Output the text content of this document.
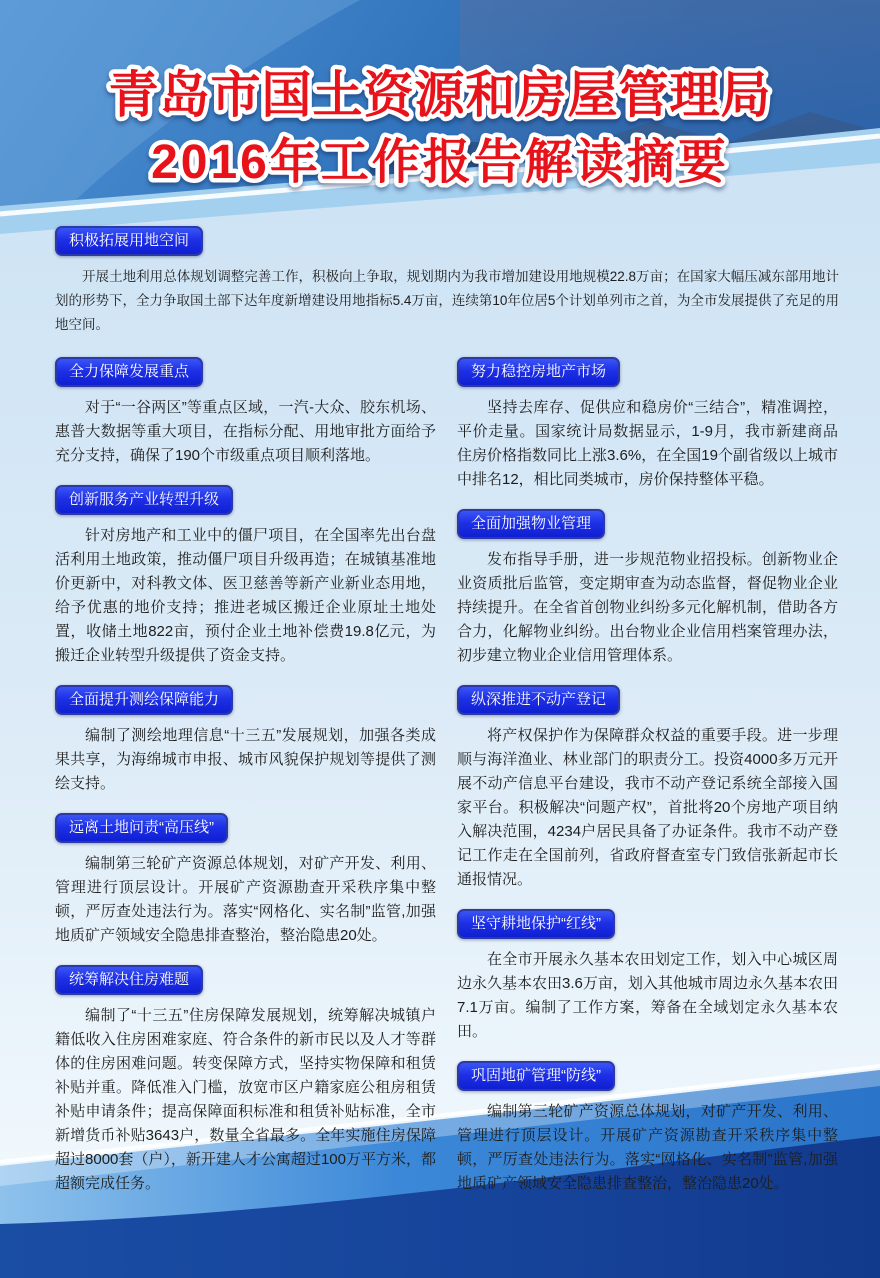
青岛市国土资源和房屋管理局
2016年工作报告解读摘要
积极拓展用地空间

开展土地利用总体规划调整完善工作，积极向上争取，规划期内为我市增加建设用地规模22.8万亩；在国家大幅压减东部用地计划的形势下，全力争取国土部下达年度新增建设用地指标5.4万亩，连续第10年位居5个计划单列市之首，为全市发展提供了充足的用地空间。

全力保障发展重点

对于“一谷两区”等重点区域，一汽-大众、胶东机场、惠普大数据等重大项目，在指标分配、用地审批方面给予充分支持，确保了190个市级重点项目顺利落地。

创新服务产业转型升级

针对房地产和工业中的僵尸项目，在全国率先出台盘活利用土地政策，推动僵尸项目升级再造；在城镇基准地价更新中，对科教文体、医卫慈善等新产业新业态用地，给予优惠的地价支持；推进老城区搬迁企业原址土地处置，收储土地822亩，预付企业土地补偿费19.8亿元，为搬迁企业转型升级提供了资金支持。

全面提升测绘保障能力

编制了测绘地理信息“十三五”发展规划，加强各类成果共享，为海绵城市申报、城市风貌保护规划等提供了测绘支持。

远离土地问责“高压线”

编制第三轮矿产资源总体规划，对矿产开发、利用、管理进行顶层设计。开展矿产资源勘查开采秩序集中整顿，严厉查处违法行为。落实“网格化、实名制”监管,加强地质矿产领域安全隐患排查整治，整治隐患20处。

统筹解决住房难题

编制了“十三五”住房保障发展规划，统筹解决城镇户籍低收入住房困难家庭、符合条件的新市民以及人才等群体的住房困难问题。转变保障方式，坚持实物保障和租赁补贴并重。降低准入门槛，放宽市区户籍家庭公租房租赁补贴申请条件；提高保障面积标准和租赁补贴标准，全市新增货币补贴3643户，数量全省最多。全年实施住房保障超过8000套（户），新开建人才公寓超过100万平方米，都超额完成任务。

努力稳控房地产市场

坚持去库存、促供应和稳房价“三结合”，精准调控，平价走量。国家统计局数据显示，1-9月，我市新建商品住房价格指数同比上涨3.6%，在全国19个副省级以上城市中排名12，相比同类城市，房价保持整体平稳。

全面加强物业管理

发布指导手册，进一步规范物业招投标。创新物业企业资质批后监管，变定期审查为动态监督，督促物业企业持续提升。在全省首创物业纠纷多元化解机制，借助各方合力，化解物业纠纷。出台物业企业信用档案管理办法，初步建立物业企业信用管理体系。

纵深推进不动产登记

将产权保护作为保障群众权益的重要手段。进一步理顺与海洋渔业、林业部门的职责分工。投资4000多万元开展不动产信息平台建设，我市不动产登记系统全部接入国家平台。积极解决“问题产权”，首批将20个房地产项目纳入解决范围，4234户居民具备了办证条件。我市不动产登记工作走在全国前列，省政府督查室专门致信张新起市长通报情况。

坚守耕地保护“红线”

在全市开展永久基本农田划定工作，划入中心城区周边永久基本农田3.6万亩，划入其他城市周边永久基本农田7.1万亩。编制了工作方案，筹备在全域划定永久基本农田。

巩固地矿管理“防线”

编制第三轮矿产资源总体规划，对矿产开发、利用、管理进行顶层设计。开展矿产资源勘查开采秩序集中整顿，严厉查处违法行为。落实“网格化、实名制”监管,加强地质矿产领域安全隐患排查整治，整治隐患20处。
